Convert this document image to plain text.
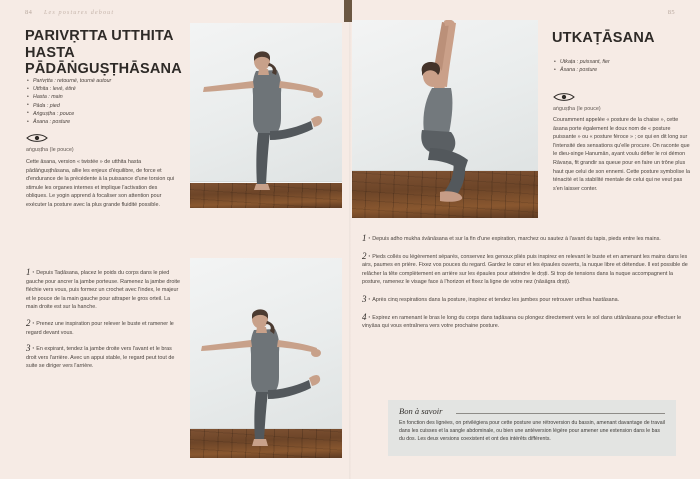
84 Les postures debout	85
PARIVṚTTA UTTHITA HASTA PĀDĀṄGUṢṬHĀSANA
• Parivṛtta : retourné, tourné autour
• Utthita : levé, étiré
• Hasta : main
• Pāda : pied
• Aṅguṣṭha : pouce
• Āsana : posture
aṅguṣṭha (le pouce)
Cette āsana, version « twistée » de utthita hasta pādāṅguṣṭhāsana, allie les enjeux d'équilibre, de force et d'endurance de la précédente à la puissance d'une torsion qui stimule les organes internes et implique l'activation des obliques. Le yogin apprend à focaliser son attention pour exécuter la posture avec la plus grande fluidité possible.
1 · Depuis Taḍāsana, placez le poids du corps dans le pied gauche pour ancrer la jambe porteuse. Ramenez la jambe droite fléchie vers vous, puis formez un crochet avec l'index, le majeur et le pouce de la main gauche pour attraper le gros orteil. La main droite est sur la hanche.
2 · Prenez une inspiration pour relever le buste et ramener le regard devant vous.
3 · En expirant, tendez la jambe droite vers l'avant et le bras droit vers l'arrière. Avec un appui stable, le regard peut tout de suite se diriger vers l'arrière.
·
·
·
·
UTKAṬĀSANA
• Utkaṭa : puissant, fier
• Āsana : posture
aṅguṣṭha (le pouce)
Couramment appelée « posture de la chaise », cette āsana porte également le doux nom de « posture puissante » ou « posture féroce » ; ce qui en dit long sur l'intensité des sensations qu'elle procure. On raconte que le dieu-singe Hanumān, ayant voulu défier le roi démon Rāvaṇa, fit grandir sa queue pour en faire un trône plus haut que celui de son ennemi. Cette posture symbolise la ténacité et la stabilité mentale de celui qui ne veut pas s'en laisser conter.
1 · Depuis adho mukha śvānāsana et sur la fin d'une expiration, marchez ou sautez à l'avant du tapis, pieds entre les mains.
2 · Pieds collés ou légèrement séparés, conservez les genoux pliés puis inspirez en relevant le buste et en amenant les mains dans les airs, paumes en prière. Fixez vos pouces du regard. Gardez le cœur et les épaules ouverts, la nuque libre et détendue. Il est possible de relâcher la tête complètement en arrière sur les épaules pour atteindre le dṛṣṭi. Si trop de tensions dans la nuque accompagnent la posture, ramenez le visage face à l'horizon et fixez la ligne de votre nez (nāsāgra dṛṣṭi).
3 · Après cinq respirations dans la posture, inspirez et tendez les jambes pour retrouver urdhva hastāsana.
4 · Expirez en ramenant le bras le long du corps dans taḍāsana ou plongez directement vers le sol dans uttānāsana pour effectuer le vinyāsa qui vous entraînera vers votre prochaine posture.
Bon à savoir
En fonction des lignées, on privilégiera pour cette posture une rétroversion du bassin, amenant davantage de travail dans les cuisses et la sangle abdominale, ou bien une antéversion légère pour amener une extension dans le bas du dos. Les deux versions coexistent et ont des intérêts différents.
